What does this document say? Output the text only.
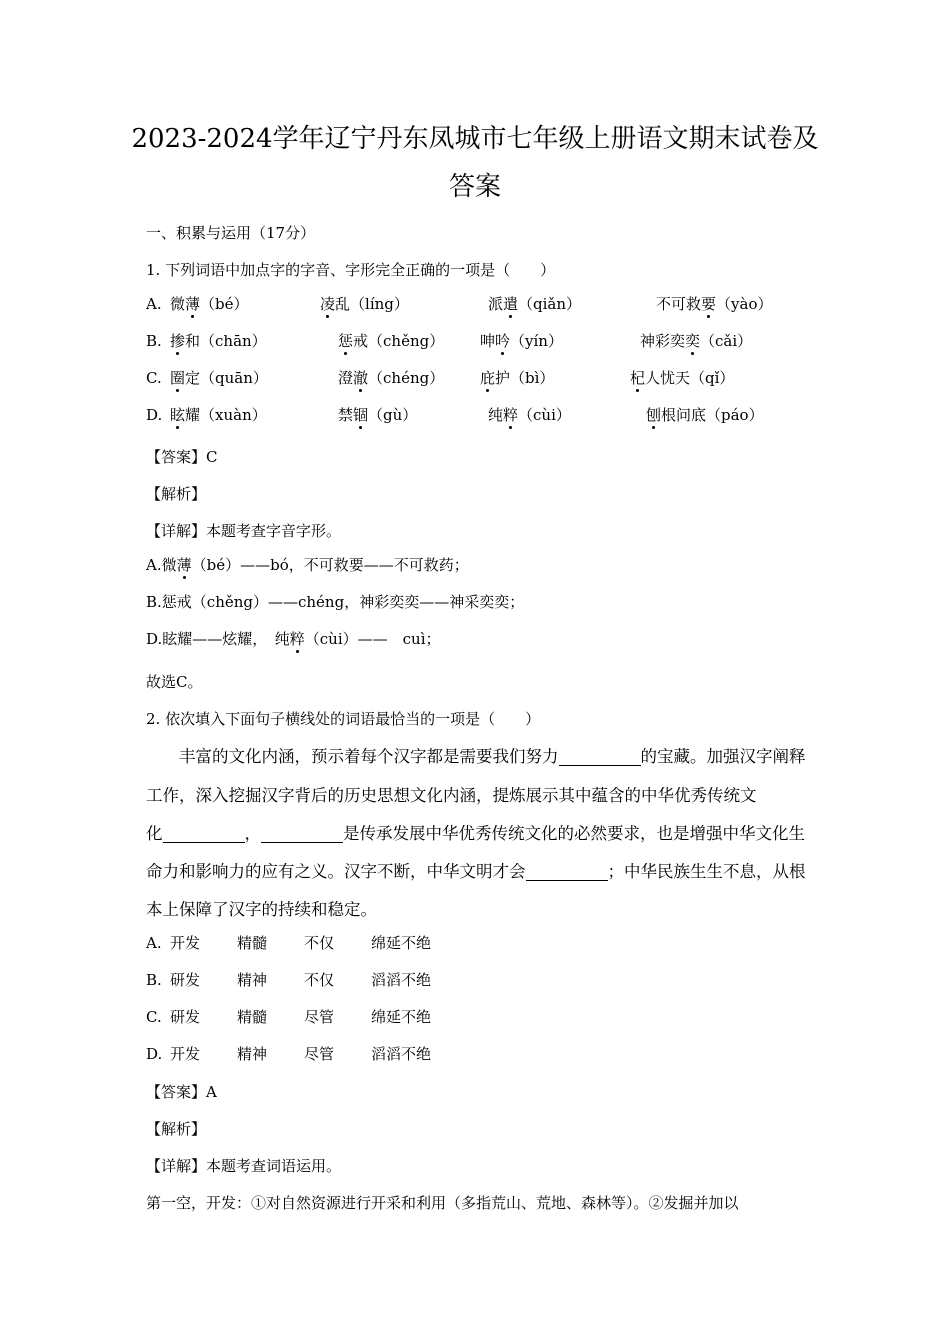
2023-2024学年辽宁丹东凤城市七年级上册语文期末试卷及
答案
一、积累与运用（17分）
1. 下列词语中加点字的字音、字形完全正确的一项是（　　）
A. 微薄（bé）	凌乱（líng）	派遣（qiǎn）	不可救要（yào）
B. 掺和（chān）	惩戒（chěng） 呻吟（yín）	神彩奕奕（cǎi）
C. 圈定（quān）	澄澈（chéng） 庇护（bì）	杞人忧天（qǐ）
D. 眩耀（xuàn）	禁锢（gù）	纯粹（cùi）	刨根问底（páo）
【答案】C
【解析】
【详解】本题考查字音字形。
A.微薄（bé）——bó，不可救要——不可救药；
B.惩戒（chěng）——chéng，神彩奕奕——神采奕奕；
D.眩耀——炫耀，　纯粹（cùi）——　cuì；
故选C。
2. 依次填入下面句子横线处的词语最恰当的一项是（　　）
　　丰富的文化内涵，预示着每个汉字都是需要我们努力	的宝藏。加强汉字阐释
工作，深入挖掘汉字背后的历史思想文化内涵，提炼展示其中蕴含的中华优秀传统文
化	，	是传承发展中华优秀传统文化的必然要求，也是增强中华文化生
命力和影响力的应有之义。汉字不断，中华文明才会	；中华民族生生不息，从根
本上保障了汉字的持续和稳定。
A. 开发 精髓 不仅 绵延不绝
B. 研发 精神 不仅 滔滔不绝
C. 研发 精髓 尽管 绵延不绝
D. 开发 精神 尽管 滔滔不绝
【答案】A
【解析】
【详解】本题考查词语运用。
第一空，开发：①对自然资源进行开采和利用（多指荒山、荒地、森林等）。②发掘并加以
